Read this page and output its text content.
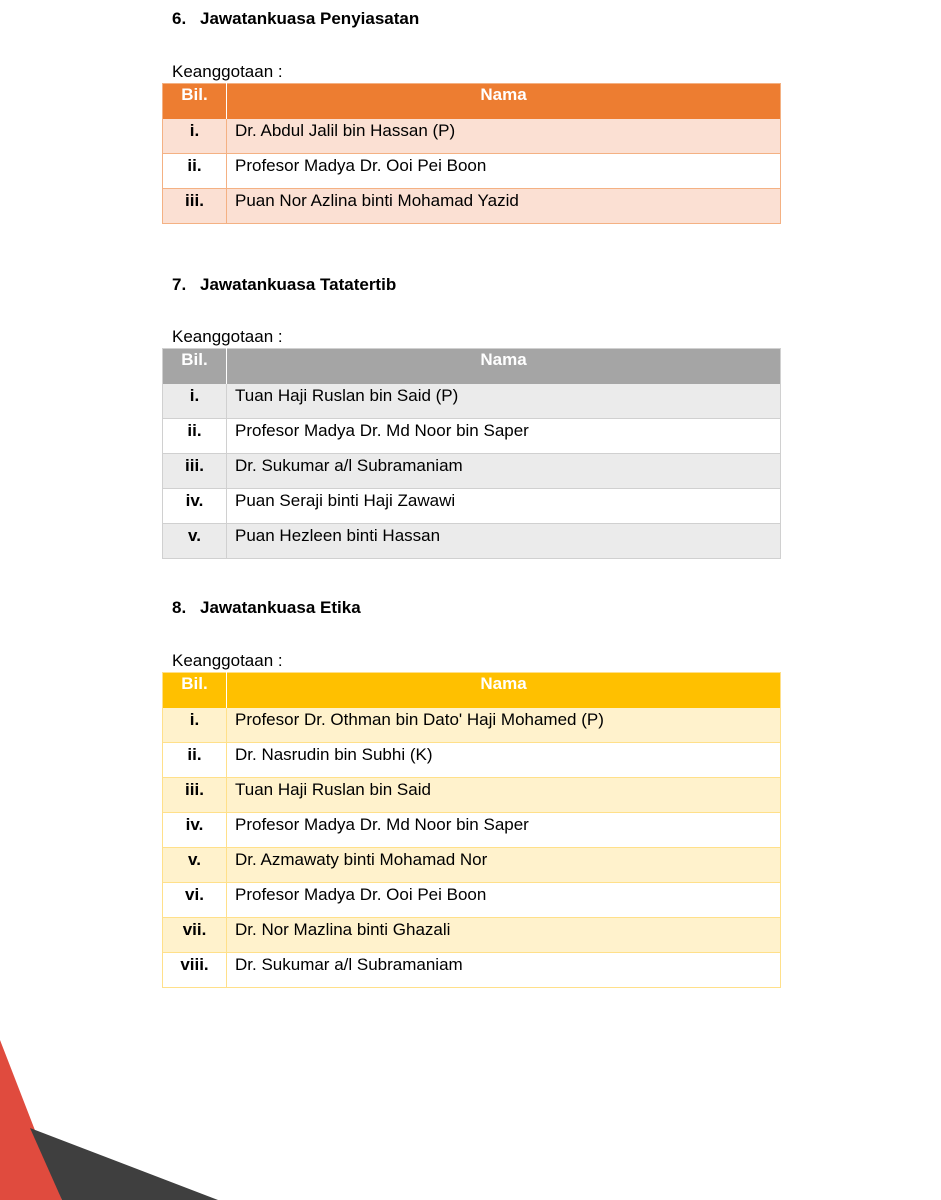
6. Jawatankuasa Penyiasatan
Keanggotaan :
Bil.	Nama
i.	Dr. Abdul Jalil bin Hassan (P)
ii.	Profesor Madya Dr. Ooi Pei Boon
iii.	Puan Nor Azlina binti Mohamad Yazid
7. Jawatankuasa Tatatertib
Keanggotaan :
Bil.	Nama
i.	Tuan Haji Ruslan bin Said (P)
ii.	Profesor Madya Dr. Md Noor bin Saper
iii.	Dr. Sukumar a/l Subramaniam
iv.	Puan Seraji binti Haji Zawawi
v.	Puan Hezleen binti Hassan
8. Jawatankuasa Etika
Keanggotaan :
Bil.	Nama
i.	Profesor Dr. Othman bin Dato' Haji Mohamed (P)
ii.	Dr. Nasrudin bin Subhi (K)
iii.	Tuan Haji Ruslan bin Said
iv.	Profesor Madya Dr. Md Noor bin Saper
v.	Dr. Azmawaty binti Mohamad Nor
vi.	Profesor Madya Dr. Ooi Pei Boon
vii.	Dr. Nor Mazlina binti Ghazali
viii.	Dr. Sukumar a/l Subramaniam
